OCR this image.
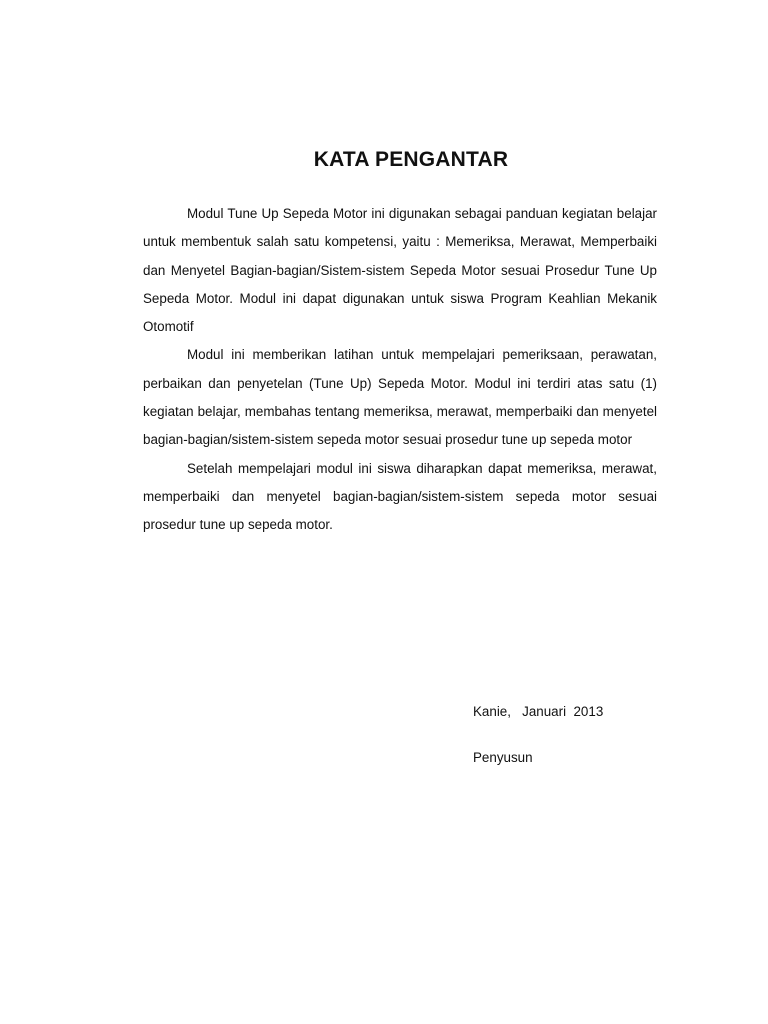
KATA PENGANTAR

Modul Tune Up Sepeda Motor ini digunakan sebagai panduan kegiatan belajar untuk membentuk salah satu kompetensi, yaitu : Memeriksa, Merawat, Memperbaiki dan Menyetel Bagian-bagian/Sistem-sistem Sepeda Motor sesuai Prosedur Tune Up Sepeda Motor. Modul ini dapat digunakan untuk siswa Program Keahlian Mekanik Otomotif

Modul ini memberikan latihan untuk mempelajari pemeriksaan, perawatan, perbaikan dan penyetelan (Tune Up) Sepeda Motor. Modul ini terdiri atas satu (1) kegiatan belajar, membahas tentang memeriksa, merawat, memperbaiki dan menyetel bagian-bagian/sistem-sistem sepeda motor sesuai prosedur tune up sepeda motor

Setelah mempelajari modul ini siswa diharapkan dapat memeriksa, merawat, memperbaiki dan menyetel bagian-bagian/sistem-sistem sepeda motor sesuai prosedur tune up sepeda motor.

Kanie,   Januari  2013
Penyusun
